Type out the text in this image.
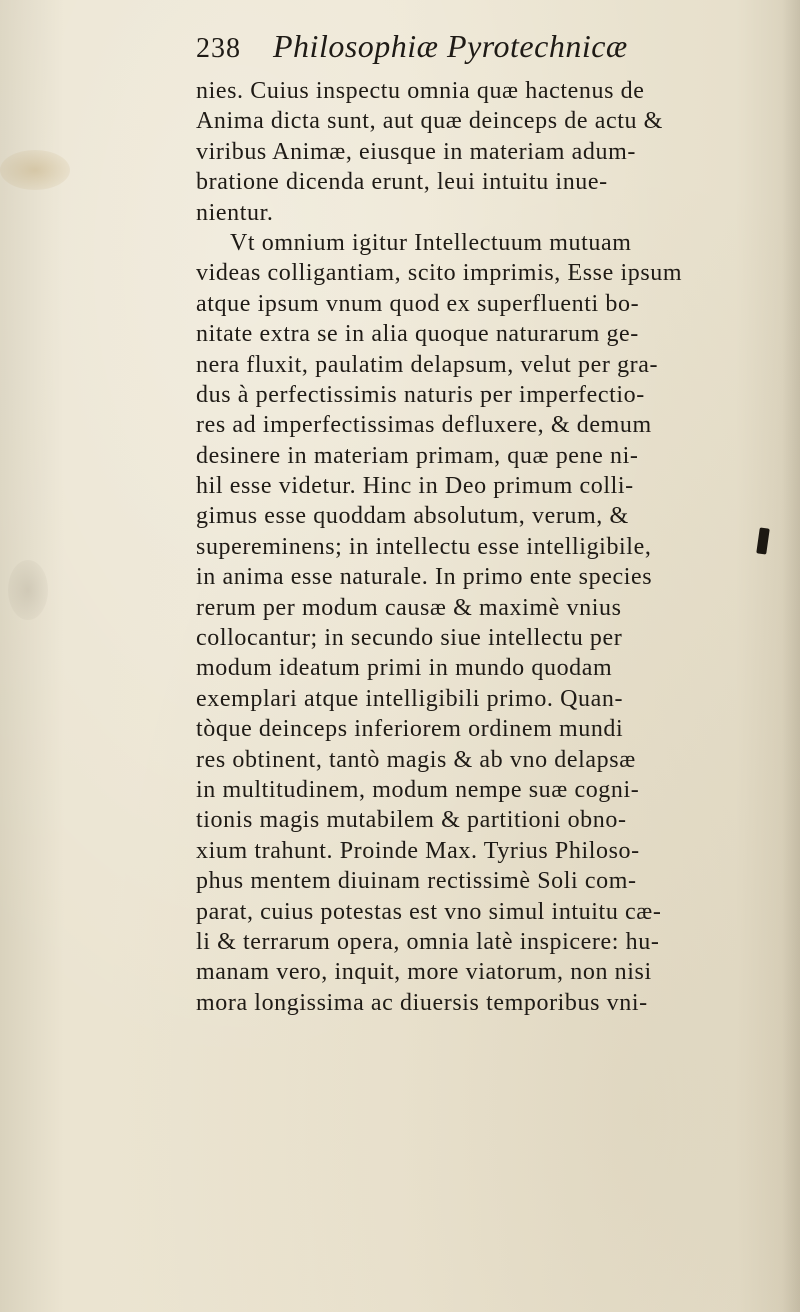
238 Philosophiæ Pyrotechnicæ
nies. Cuius inspectu omnia quæ hactenus de
Anima dicta sunt, aut quæ deinceps de actu &
viribus Animæ, eiusque in materiam adum-
bratione dicenda erunt, leui intuitu inue-
nientur.
Vt omnium igitur Intellectuum mutuam
videas colligantiam, scito imprimis, Esse ipsum
atque ipsum vnum quod ex superfluenti bo-
nitate extra se in alia quoque naturarum ge-
nera fluxit, paulatim delapsum, velut per gra-
dus à perfectissimis naturis per imperfectio-
res ad imperfectissimas defluxere, & demum
desinere in materiam primam, quæ pene ni-
hil esse videtur. Hinc in Deo primum colli-
gimus esse quoddam absolutum, verum, &
supereminens; in intellectu esse intelligibile,
in anima esse naturale. In primo ente species
rerum per modum causæ & maximè vnius
collocantur; in secundo siue intellectu per
modum ideatum primi in mundo quodam
exemplari atque intelligibili primo. Quan-
tòque deinceps inferiorem ordinem mundi
res obtinent, tantò magis & ab vno delapsæ
in multitudinem, modum nempe suæ cogni-
tionis magis mutabilem & partitioni obno-
xium trahunt. Proinde Max. Tyrius Philoso-
phus mentem diuinam rectissimè Soli com-
parat, cuius potestas est vno simul intuitu cæ-
li & terrarum opera, omnia latè inspicere: hu-
manam vero, inquit, more viatorum, non nisi
mora longissima ac diuersis temporibus vni-
